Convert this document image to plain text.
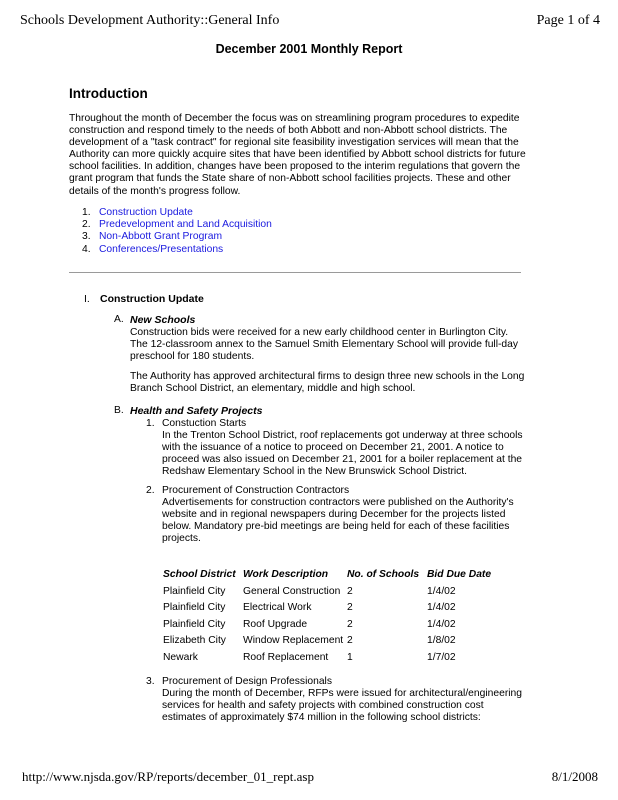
Schools Development Authority::General Info	Page 1 of 4
December 2001 Monthly Report
Introduction
Throughout the month of December the focus was on streamlining program procedures to expedite construction and respond timely to the needs of both Abbott and non-Abbott school districts. The development of a "task contract" for regional site feasibility investigation services will mean that the Authority can more quickly acquire sites that have been identified by Abbott school districts for future school facilities. In addition, changes have been proposed to the interim regulations that govern the grant program that funds the State share of non-Abbott school facilities projects. These and other details of the month's progress follow.
1. Construction Update
2. Predevelopment and Land Acquisition
3. Non-Abbott Grant Program
4. Conferences/Presentations
I. Construction Update
A. New Schools
Construction bids were received for a new early childhood center in Burlington City. The 12-classroom annex to the Samuel Smith Elementary School will provide full-day preschool for 180 students.
The Authority has approved architectural firms to design three new schools in the Long Branch School District, an elementary, middle and high school.
B. Health and Safety Projects
1. Constuction Starts
In the Trenton School District, roof replacements got underway at three schools with the issuance of a notice to proceed on December 21, 2001. A notice to proceed was also issued on December 21, 2001 for a boiler replacement at the Redshaw Elementary School in the New Brunswick School District.
2. Procurement of Construction Contractors
Advertisements for construction contractors were published on the Authority's website and in regional newspapers during December for the projects listed below. Mandatory pre-bid meetings are being held for each of these facilities projects.
School District	Work Description	No. of Schools	Bid Due Date
Plainfield City	General Construction	2	1/4/02
Plainfield City	Electrical Work	2	1/4/02
Plainfield City	Roof Upgrade	2	1/4/02
Elizabeth City	Window Replacement	2	1/8/02
Newark	Roof Replacement	1	1/7/02
3. Procurement of Design Professionals
During the month of December, RFPs were issued for architectural/engineering services for health and safety projects with combined construction cost estimates of approximately $74 million in the following school districts:
http://www.njsda.gov/RP/reports/december_01_rept.asp	8/1/2008
